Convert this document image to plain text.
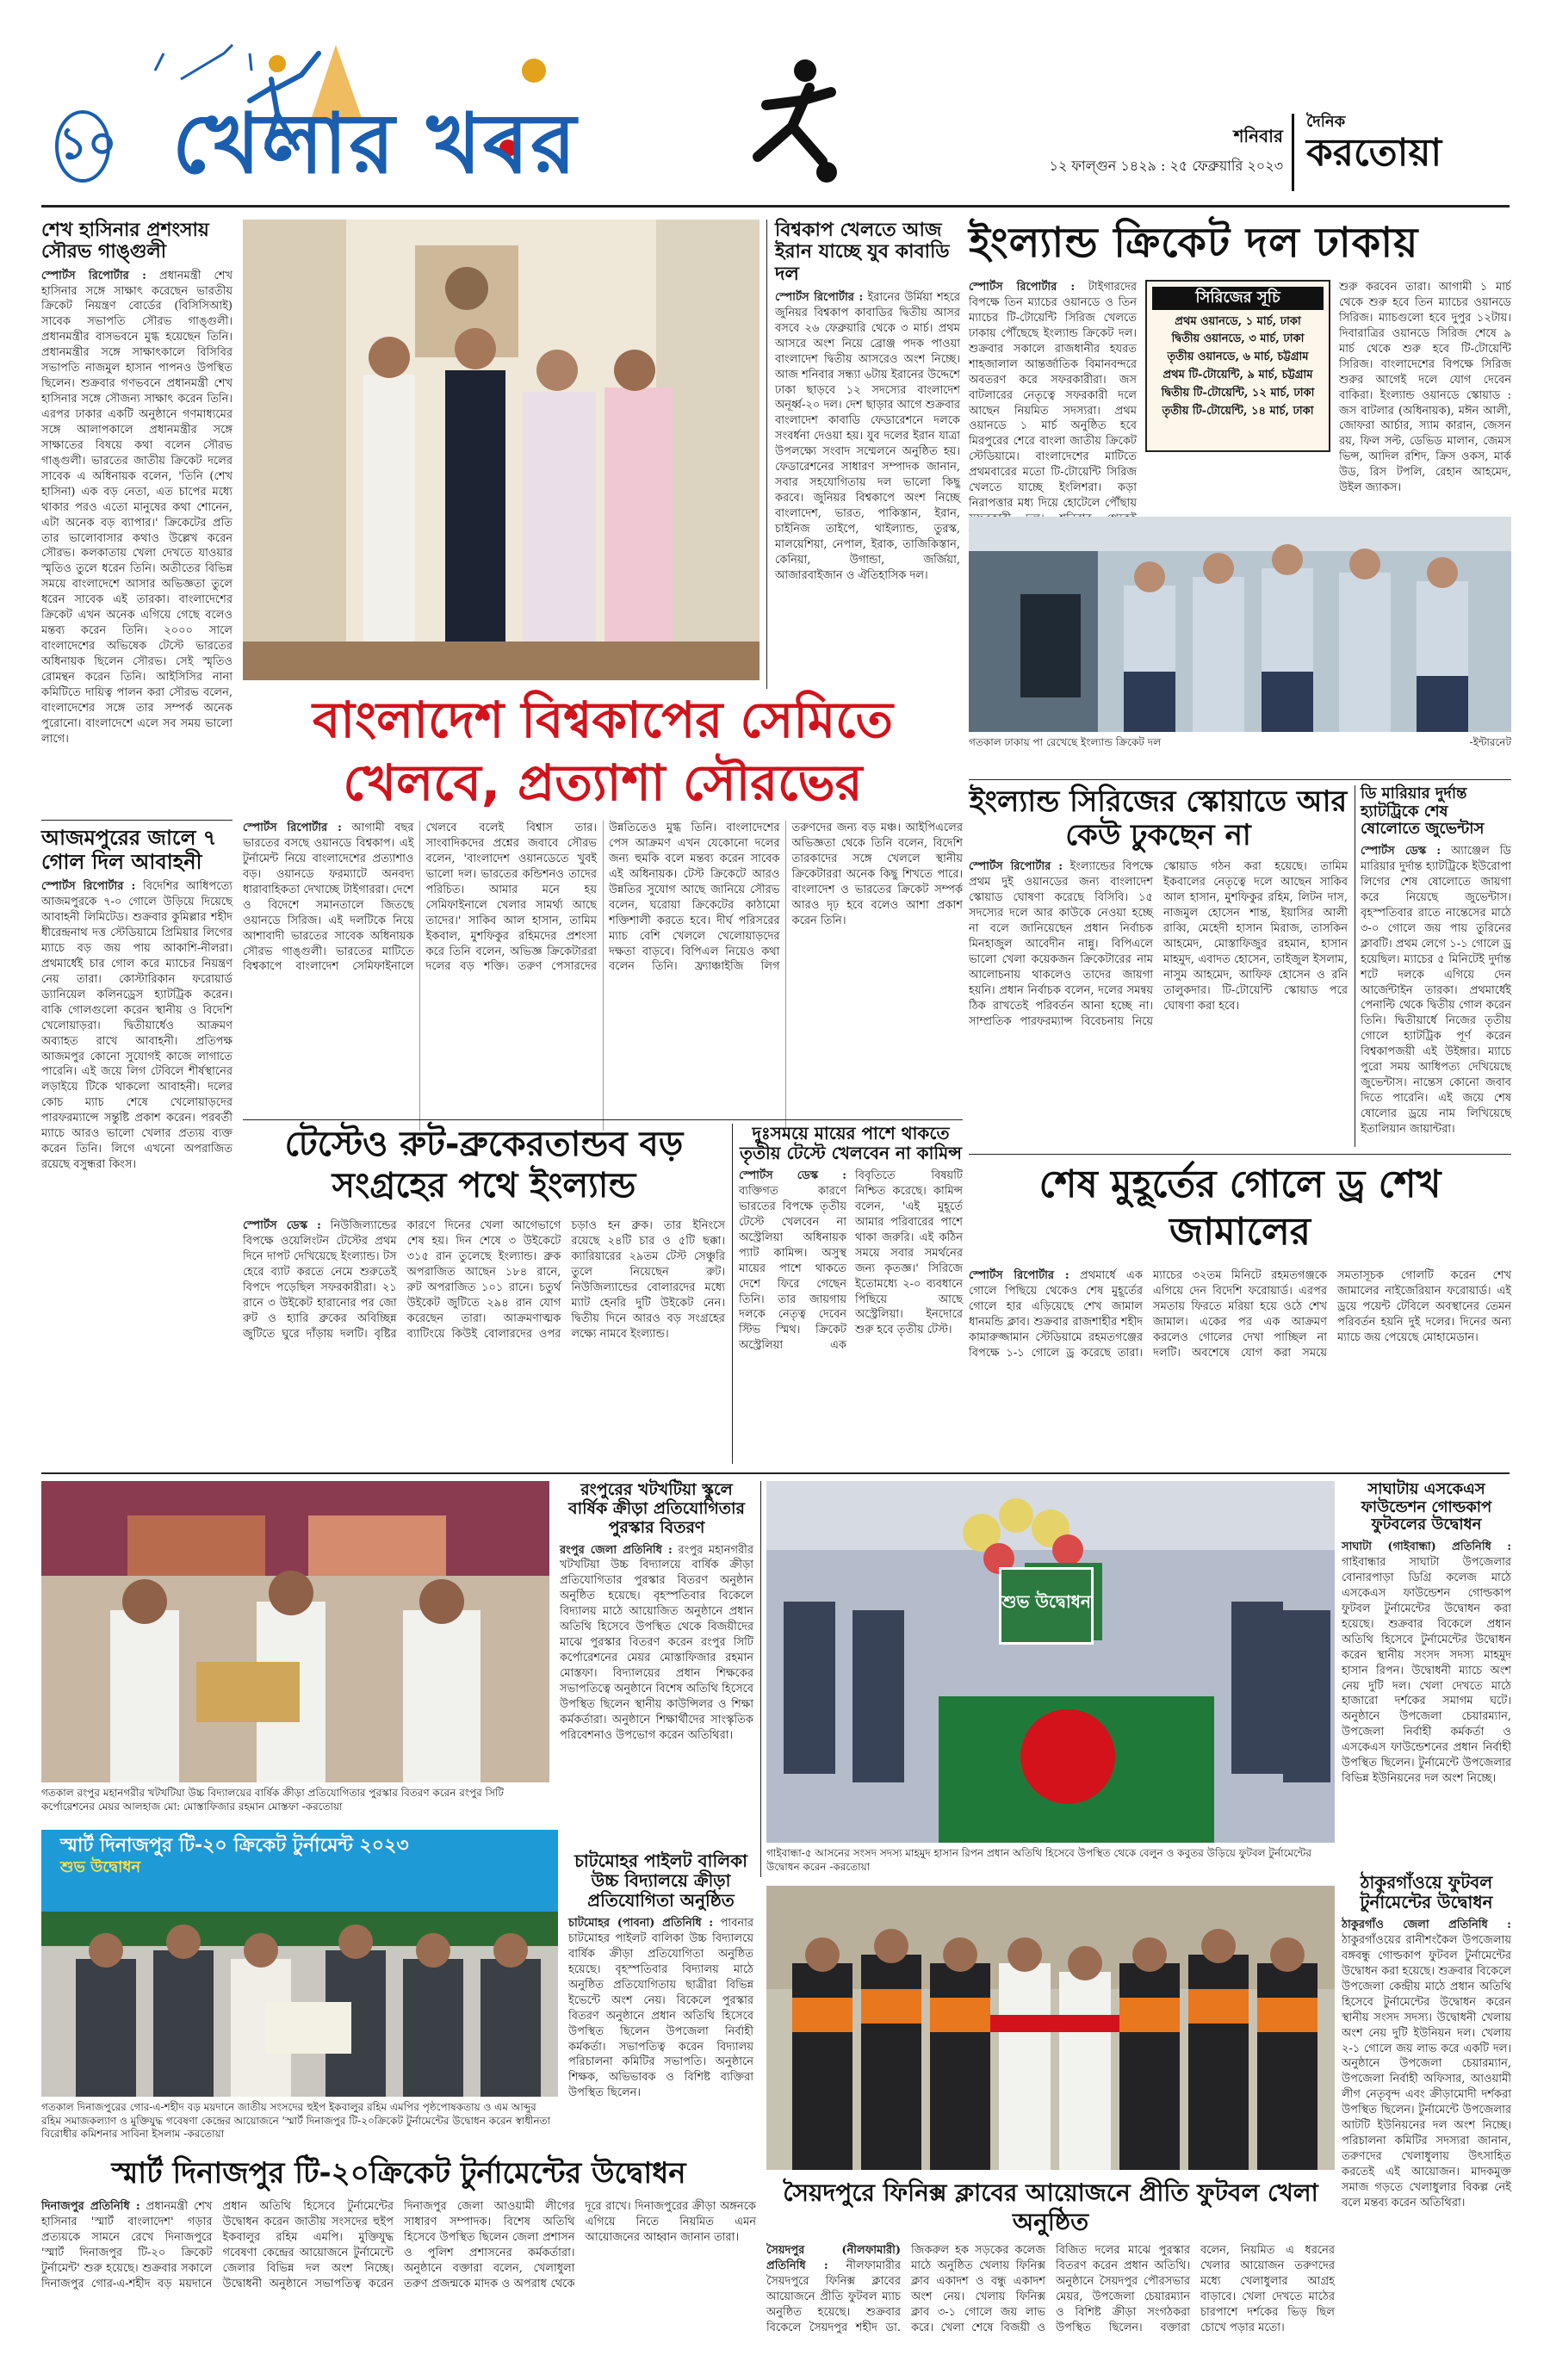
১০ খেলার খবর	শনিবার
১২ ফাল্গুন ১৪২৯ : ২৫ ফেব্রুয়ারি ২০২৩
দৈনিক
করতোয়া
শেখ হাসিনার প্রশংসায় সৌরভ গাঙ্গুলী
স্পোর্টস রিপোর্টার : প্রধানমন্ত্রী শেখ হাসিনার সঙ্গে সাক্ষাৎ করেছেন ভারতীয় ক্রিকেট নিয়ন্ত্রণ বোর্ডের (বিসিসিআই) সাবেক সভাপতি সৌরভ গাঙ্গুলী। প্রধানমন্ত্রীর বাসভবনে মুগ্ধ হয়েছেন তিনি। প্রধানমন্ত্রীর সঙ্গে সাক্ষাৎকালে বিসিবির সভাপতি নাজমুল হাসান পাপনও উপস্থিত ছিলেন। শুক্রবার গণভবনে প্রধানমন্ত্রী শেখ হাসিনার সঙ্গে সৌজন্য সাক্ষাৎ করেন তিনি। এরপর ঢাকার একটি অনুষ্ঠানে গণমাধ্যমের সঙ্গে আলাপকালে প্রধানমন্ত্রীর সঙ্গে সাক্ষাতের বিষয়ে কথা বলেন সৌরভ গাঙ্গুলী। ভারতের জাতীয় ক্রিকেট দলের সাবেক এ অধিনায়ক বলেন, 'তিনি (শেখ হাসিনা) এক বড় নেতা, এত চাপের মধ্যে থাকার পরও এতো মানুষের কথা শোনেন, এটা অনেক বড় ব্যাপার।' ক্রিকেটের প্রতি তার ভালোবাসার কথাও উল্লেখ করেন সৌরভ। কলকাতায় খেলা দেখতে যাওয়ার স্মৃতিও তুলে ধরেন তিনি। অতীতের বিভিন্ন সময়ে বাংলাদেশে আসার অভিজ্ঞতা তুলে ধরেন সাবেক এই তারকা। বাংলাদেশের ক্রিকেট এখন অনেক এগিয়ে গেছে বলেও মন্তব্য করেন তিনি। ২০০০ সালে বাংলাদেশের অভিষেক টেস্টে ভারতের অধিনায়ক ছিলেন সৌরভ। সেই স্মৃতিও রোমন্থন করেন তিনি। আইসিসির নানা কমিটিতে দায়িত্ব পালন করা সৌরভ বলেন, বাংলাদেশের সঙ্গে তার সম্পর্ক অনেক পুরোনো। বাংলাদেশে এলে সব সময় ভালো লাগে।
আজমপুরের জালে ৭ গোল দিল আবাহনী
স্পোর্টস রিপোর্টার : বিদেশির আধিপত্যে আজমপুরকে ৭-০ গোলে উড়িয়ে দিয়েছে আবাহনী লিমিটেড। শুক্রবার কুমিল্লার শহীদ ধীরেন্দ্রনাথ দত্ত স্টেডিয়ামে প্রিমিয়ার লিগের ম্যাচে বড় জয় পায় আকাশি-নীলরা। প্রথমার্ধেই চার গোল করে ম্যাচের নিয়ন্ত্রণ নেয় তারা। কোস্টারিকান ফরোয়ার্ড ড্যানিয়েল কলিনড্রেস হ্যাটট্রিক করেন। বাকি গোলগুলো করেন স্থানীয় ও বিদেশি খেলোয়াড়রা। দ্বিতীয়ার্ধেও আক্রমণ অব্যাহত রাখে আবাহনী। প্রতিপক্ষ আজমপুর কোনো সুযোগই কাজে লাগাতে পারেনি। এই জয়ে লিগ টেবিলে শীর্ষস্থানের লড়াইয়ে টিকে থাকলো আবাহনী। দলের কোচ ম্যাচ শেষে খেলোয়াড়দের পারফরম্যান্সে সন্তুষ্টি প্রকাশ করেন। পরবর্তী ম্যাচে আরও ভালো খেলার প্রত্যয় ব্যক্ত করেন তিনি। লিগে এখনো অপরাজিত রয়েছে বসুন্ধরা কিংস।
বিশ্বকাপ খেলতে আজ ইরান যাচ্ছে যুব কাবাডি দল
স্পোর্টস রিপোর্টার : ইরানের উর্মিয়া শহরে জুনিয়র বিশ্বকাপ কাবাডির দ্বিতীয় আসর বসবে ২৬ ফেব্রুয়ারি থেকে ৩ মার্চ। প্রথম আসরে অংশ নিয়ে ব্রোঞ্জ পদক পাওয়া বাংলাদেশ দ্বিতীয় আসরেও অংশ নিচ্ছে। আজ শনিবার সন্ধ্যা ৬টায় ইরানের উদ্দেশে ঢাকা ছাড়বে ১২ সদস্যের বাংলাদেশ অনূর্ধ্ব-২০ দল। দেশ ছাড়ার আগে শুক্রবার বাংলাদেশ কাবাডি ফেডারেশনে দলকে সংবর্ধনা দেওয়া হয়। যুব দলের ইরান যাত্রা উপলক্ষ্যে সংবাদ সম্মেলনে অনুষ্ঠিত হয়। ফেডারেশনের সাধারণ সম্পাদক জানান, সবার সহযোগিতায় দল ভালো কিছু করবে। জুনিয়র বিশ্বকাপে অংশ নিচ্ছে বাংলাদেশ, ভারত, পাকিস্তান, ইরান, চাইনিজ তাইপে, থাইল্যান্ড, তুরস্ক, মালয়েশিয়া, নেপাল, ইরাক, তাজিকিস্তান, কেনিয়া, উগান্ডা, জর্জিয়া, আজারবাইজান ও ঐতিহাসিক দল।
ইংল্যান্ড ক্রিকেট দল ঢাকায়
স্পোর্টস রিপোর্টার : টাইগারদের বিপক্ষে তিন ম্যাচের ওয়ানডে ও তিন ম্যাচের টি-টোয়েন্টি সিরিজ খেলতে ঢাকায় পৌঁছেছে ইংল্যান্ড ক্রিকেট দল। শুক্রবার সকালে রাজধানীর হযরত শাহজালাল আন্তর্জাতিক বিমানবন্দরে অবতরণ করে সফরকারীরা। জস বাটলারের নেতৃত্বে সফরকারী দলে আছেন নিয়মিত সদস্যরা। প্রথম ওয়ানডে ১ মার্চ অনুষ্ঠিত হবে মিরপুরের শেরে বাংলা জাতীয় ক্রিকেট স্টেডিয়ামে। বাংলাদেশের মাটিতে প্রথমবারের মতো টি-টোয়েন্টি সিরিজ খেলতে যাচ্ছে ইংলিশরা। কড়া নিরাপত্তার মধ্য দিয়ে হোটেলে পৌঁছায়
সিরিজের সূচি
প্রথম ওয়ানডে, ১ মার্চ, ঢাকা
দ্বিতীয় ওয়ানডে, ৩ মার্চ, ঢাকা
তৃতীয় ওয়ানডে, ৬ মার্চ, চট্টগ্রাম
প্রথম টি-টোয়েন্টি, ৯ মার্চ, চট্টগ্রাম
দ্বিতীয় টি-টোয়েন্টি, ১২ মার্চ, ঢাকা
তৃতীয় টি-টোয়েন্টি, ১৪ মার্চ, ঢাকা
শুরু করবেন তারা। আগামী ১ মার্চ থেকে শুরু হবে তিন ম্যাচের ওয়ানডে সিরিজ। ম্যাচগুলো হবে দুপুর ১২টায়। দিবারাত্রির ওয়ানডে সিরিজ শেষে ৯ মার্চ থেকে শুরু হবে টি-টোয়েন্টি সিরিজ। বাংলাদেশের বিপক্ষে সিরিজ শুরুর আগেই দলে যোগ দেবেন বাকিরা। ইংল্যান্ড ওয়ানডে স্কোয়াড : জস বাটলার (অধিনায়ক), মঈন আলী, জোফরা আর্চার, স্যাম কারান, জেসন রয়, ফিল সল্ট, ডেভিড মালান, জেমস ভিন্স, আদিল রশিদ, ক্রিস ওকস, মার্ক উড, রিস টপলি, রেহান আহমেদ, উইল জ্যাকস।
গতকাল ঢাকায় পা রেখেছে ইংল্যান্ড ক্রিকেট দল	-ইন্টারনেট
বাংলাদেশ বিশ্বকাপের সেমিতে খেলবে, প্রত্যাশা সৌরভের
স্পোর্টস রিপোর্টার : আগামী বছর ভারতের বসছে ওয়ানডে বিশ্বকাপ। এই টুর্নামেন্ট নিয়ে বাংলাদেশের প্রত্যাশাও বড়। ওয়ানডে ফরম্যাটে অনবদ্য ধারাবাহিকতা দেখাচ্ছে টাইগাররা। দেশে ও বিদেশে সমানতালে জিতছে ওয়ানডে সিরিজ। এই দলটিকে নিয়ে আশাবাদী ভারতের সাবেক অধিনায়ক সৌরভ গাঙ্গুলী। ভারতের মাটিতে বিশ্বকাপে বাংলাদেশ সেমিফাইনালে খেলবে বলেই বিশ্বাস তার। সাংবাদিকদের প্রশ্নের জবাবে সৌরভ বলেন, 'বাংলাদেশ ওয়ানডেতে খুবই ভালো দল। ভারতের কন্ডিশনও তাদের পরিচিত। আমার মনে হয় সেমিফাইনালে খেলার সামর্থ্য আছে তাদের।' সাকিব আল হাসান, তামিম ইকবাল, মুশফিকুর রহিমদের প্রশংসা করে তিনি বলেন, অভিজ্ঞ ক্রিকেটাররা দলের বড় শক্তি। তরুণ পেসারদের উন্নতিতেও মুগ্ধ তিনি। বাংলাদেশের পেস আক্রমণ এখন যেকোনো দলের জন্য হুমকি বলে মন্তব্য করেন সাবেক এই অধিনায়ক। টেস্ট ক্রিকেটে আরও উন্নতির সুযোগ আছে জানিয়ে সৌরভ বলেন, ঘরোয়া ক্রিকেটের কাঠামো শক্তিশালী করতে হবে। দীর্ঘ পরিসরের ম্যাচ বেশি খেললে খেলোয়াড়দের দক্ষতা বাড়বে। বিপিএল নিয়েও কথা বলেন তিনি। ফ্র্যাঞ্চাইজি লিগ তরুণদের জন্য বড় মঞ্চ। আইপিএলের অভিজ্ঞতা থেকে তিনি বলেন, বিদেশি তারকাদের সঙ্গে খেললে স্থানীয় ক্রিকেটাররা অনেক কিছু শিখতে পারে। বাংলাদেশ ও ভারতের ক্রিকেট সম্পর্ক আরও দৃঢ় হবে বলেও আশা প্রকাশ করেন তিনি।
ইংল্যান্ড সিরিজের স্কোয়াডে আর কেউ ঢুকছেন না
স্পোর্টস রিপোর্টার : ইংল্যান্ডের বিপক্ষে প্রথম দুই ওয়ানডের জন্য বাংলাদেশ স্কোয়াড ঘোষণা করেছে বিসিবি। ১৫ সদস্যের দলে আর কাউকে নেওয়া হচ্ছে না বলে জানিয়েছেন প্রধান নির্বাচক মিনহাজুল আবেদীন নান্নু। বিপিএলে ভালো খেলা কয়েকজন ক্রিকেটারের নাম আলোচনায় থাকলেও তাদের জায়গা হয়নি। প্রধান নির্বাচক বলেন, দলের সমন্বয় ঠিক রাখতেই পরিবর্তন আনা হচ্ছে না। সাম্প্রতিক পারফরম্যান্স বিবেচনায় নিয়ে স্কোয়াড গঠন করা হয়েছে। তামিম ইকবালের নেতৃত্বে দলে আছেন সাকিব আল হাসান, মুশফিকুর রহিম, লিটন দাস, নাজমুল হোসেন শান্ত, ইয়াসির আলী রাব্বি, মেহেদী হাসান মিরাজ, তাসকিন আহমেদ, মোস্তাফিজুর রহমান, হাসান মাহমুদ, এবাদত হোসেন, তাইজুল ইসলাম, নাসুম আহমেদ, আফিফ হোসেন ও রনি তালুকদার। টি-টোয়েন্টি স্কোয়াড পরে ঘোষণা করা হবে।
ডি মারিয়ার দুর্দান্ত হ্যাটট্রিকে শেষ ষোলোতে জুভেন্টাস
স্পোর্টস ডেস্ক : অ্যাঞ্জেল ডি মারিয়ার দুর্দান্ত হ্যাটট্রিকে ইউরোপা লিগের শেষ ষোলোতে জায়গা করে নিয়েছে জুভেন্টাস। বৃহস্পতিবার রাতে নান্তেসের মাঠে ৩-০ গোলে জয় পায় তুরিনের ক্লাবটি। প্রথম লেগে ১-১ গোলে ড্র হয়েছিল। ম্যাচের ৫ মিনিটেই দুর্দান্ত শটে দলকে এগিয়ে দেন আর্জেন্টাইন তারকা। প্রথমার্ধেই পেনাল্টি থেকে দ্বিতীয় গোল করেন তিনি। দ্বিতীয়ার্ধে নিজের তৃতীয় গোলে হ্যাটট্রিক পূর্ণ করেন বিশ্বকাপজয়ী এই উইঙ্গার। ম্যাচে পুরো সময় আধিপত্য দেখিয়েছে জুভেন্টাস। নান্তেস কোনো জবাব দিতে পারেনি। এই জয়ে শেষ ষোলোর ড্রয়ে নাম লিখিয়েছে ইতালিয়ান জায়ান্টরা।
টেস্টেও রুট-ব্রুকেরতান্ডব বড় সংগ্রহের পথে ইংল্যান্ড
স্পোর্টস ডেস্ক : নিউজিল্যান্ডের বিপক্ষে ওয়েলিংটন টেস্টের প্রথম দিনে দাপট দেখিয়েছে ইংল্যান্ড। টস হেরে ব্যাট করতে নেমে শুরুতেই বিপদে পড়েছিল সফরকারীরা। ২১ রানে ৩ উইকেট হারানোর পর জো রুট ও হ্যারি ব্রুকের অবিচ্ছিন্ন জুটিতে ঘুরে দাঁড়ায় দলটি। বৃষ্টির কারণে দিনের খেলা আগেভাগে শেষ হয়। দিন শেষে ৩ উইকেটে ৩১৫ রান তুলেছে ইংল্যান্ড। ব্রুক অপরাজিত আছেন ১৮৪ রানে, রুট অপরাজিত ১০১ রানে। চতুর্থ উইকেট জুটিতে ২৯৪ রান যোগ করেছেন তারা। আক্রমণাত্মক ব্যাটিংয়ে কিউই বোলারদের ওপর চড়াও হন ব্রুক। তার ইনিংসে রয়েছে ২৪টি চার ও ৫টি ছক্কা। ক্যারিয়ারের ২৯তম টেস্ট সেঞ্চুরি তুলে নিয়েছেন রুট। নিউজিল্যান্ডের বোলারদের মধ্যে ম্যাট হেনরি দুটি উইকেট নেন। দ্বিতীয় দিনে আরও বড় সংগ্রহের লক্ষ্যে নামবে ইংল্যান্ড।
দুঃসময়ে মায়ের পাশে থাকতে তৃতীয় টেস্টে খেলবেন না কামিন্স
স্পোর্টস ডেস্ক : ব্যক্তিগত কারণে ভারতের বিপক্ষে তৃতীয় টেস্টে খেলবেন না অস্ট্রেলিয়া অধিনায়ক প্যাট কামিন্স। অসুস্থ মায়ের পাশে থাকতে দেশে ফিরে গেছেন তিনি। তার জায়গায় দলকে নেতৃত্ব দেবেন স্টিভ স্মিথ। ক্রিকেট অস্ট্রেলিয়া এক বিবৃতিতে বিষয়টি নিশ্চিত করেছে। কামিন্স বলেন, 'এই মুহূর্তে আমার পরিবারের পাশে থাকা জরুরি। এই কঠিন সময়ে সবার সমর্থনের জন্য কৃতজ্ঞ।' সিরিজে ইতোমধ্যে ২-০ ব্যবধানে পিছিয়ে আছে অস্ট্রেলিয়া। ইনদোরে শুরু হবে তৃতীয় টেস্ট।
শেষ মুহূর্তের গোলে ড্র শেখ জামালের
স্পোর্টস রিপোর্টার : প্রথমার্ধে এক গোলে পিছিয়ে থেকেও শেষ মুহূর্তের গোলে হার এড়িয়েছে শেখ জামাল ধানমন্ডি ক্লাব। শুক্রবার রাজশাহীর শহীদ কামারুজ্জামান স্টেডিয়ামে রহমতগঞ্জের বিপক্ষে ১-১ গোলে ড্র করেছে তারা। ম্যাচের ৩২তম মিনিটে রহমতগঞ্জকে এগিয়ে দেন বিদেশি ফরোয়ার্ড। এরপর সমতায় ফিরতে মরিয়া হয়ে ওঠে শেখ জামাল। একের পর এক আক্রমণ করলেও গোলের দেখা পাচ্ছিল না দলটি। অবশেষে যোগ করা সময়ে সমতাসূচক গোলটি করেন শেখ জামালের নাইজেরিয়ান ফরোয়ার্ড। এই ড্রয়ে পয়েন্ট টেবিলে অবস্থানের তেমন পরিবর্তন হয়নি দুই দলের। দিনের অন্য ম্যাচে জয় পেয়েছে মোহামেডান।
গতকাল রংপুর মহানগরীর খটখটিয়া উচ্চ বিদ্যালয়ের বার্ষিক ক্রীড়া প্রতিযোগিতার পুরস্কার বিতরণ করেন রংপুর সিটি কর্পোরেশনের মেয়র আলহাজ মো: মোস্তাফিজার রহমান মোস্তফা -করতোয়া
রংপুরের খটখটিয়া স্কুলে বার্ষিক ক্রীড়া প্রতিযোগিতার পুরস্কার বিতরণ
রংপুর জেলা প্রতিনিধি : রংপুর মহানগরীর খটখটিয়া উচ্চ বিদ্যালয়ে বার্ষিক ক্রীড়া প্রতিযোগিতার পুরস্কার বিতরণ অনুষ্ঠান অনুষ্ঠিত হয়েছে। বৃহস্পতিবার বিকেলে বিদ্যালয় মাঠে আয়োজিত অনুষ্ঠানে প্রধান অতিথি হিসেবে উপস্থিত থেকে বিজয়ীদের মাঝে পুরস্কার বিতরণ করেন রংপুর সিটি কর্পোরেশনের মেয়র মোস্তাফিজার রহমান মোস্তফা। বিদ্যালয়ের প্রধান শিক্ষকের সভাপতিত্বে অনুষ্ঠানে বিশেষ অতিথি হিসেবে উপস্থিত ছিলেন স্থানীয় কাউন্সিলর ও শিক্ষা কর্মকর্তারা। অনুষ্ঠানে শিক্ষার্থীদের সাংস্কৃতিক পরিবেশনাও উপভোগ করেন অতিথিরা।
শুভ উদ্বোধন
গাইবান্ধা-৫ আসনের সংসদ সদস্য মাহমুদ হাসান রিপন প্রধান অতিথি হিসেবে উপস্থিত থেকে বেলুন ও কবুতর উড়িয়ে ফুটবল টুর্নামেন্টের উদ্বোধন করেন -করতোয়া
সাঘাটায় এসকেএস ফাউন্ডেশন গোল্ডকাপ ফুটবলের উদ্বোধন
সাঘাটা (গাইবান্ধা) প্রতিনিধি : গাইবান্ধার সাঘাটা উপজেলার বোনারপাড়া ডিগ্রি কলেজ মাঠে এসকেএস ফাউন্ডেশন গোল্ডকাপ ফুটবল টুর্নামেন্টের উদ্বোধন করা হয়েছে। শুক্রবার বিকেলে প্রধান অতিথি হিসেবে টুর্নামেন্টের উদ্বোধন করেন স্থানীয় সংসদ সদস্য মাহমুদ হাসান রিপন। উদ্বোধনী ম্যাচে অংশ নেয় দুটি দল। খেলা দেখতে মাঠে হাজারো দর্শকের সমাগম ঘটে। অনুষ্ঠানে উপজেলা চেয়ারম্যান, উপজেলা নির্বাহী কর্মকর্তা ও এসকেএস ফাউন্ডেশনের প্রধান নির্বাহী উপস্থিত ছিলেন। টুর্নামেন্টে উপজেলার বিভিন্ন ইউনিয়নের দল অংশ নিচ্ছে।
স্মার্ট দিনাজপুর টি-২০ ক্রিকেট টুর্নামেন্ট ২০২৩
শুভ উদ্বোধন
গতকাল দিনাজপুরের গোর-এ-শহীদ বড় ময়দানে জাতীয় সংসদের হুইপ ইকবালুর রহিম এমপির পৃষ্ঠপোষকতায় ও এম আব্দুর রহিম সমাজকল্যাণ ও মুক্তিযুদ্ধ গবেষণা কেন্দ্রের আয়োজনে 'স্মার্ট দিনাজপুর টি-২০ক্রিকেট টুর্নামেন্টের উদ্বোধন করেন স্বাধীনতা বিরোধীর কমিশনার সাবিনা ইসলাম -করতোয়া
চাটমোহর পাইলট বালিকা উচ্চ বিদ্যালয়ে ক্রীড়া প্রতিযোগিতা অনুষ্ঠিত
চাটমোহর (পাবনা) প্রতিনিধি : পাবনার চাটমোহর পাইলট বালিকা উচ্চ বিদ্যালয়ে বার্ষিক ক্রীড়া প্রতিযোগিতা অনুষ্ঠিত হয়েছে। বৃহস্পতিবার বিদ্যালয় মাঠে অনুষ্ঠিত প্রতিযোগিতায় ছাত্রীরা বিভিন্ন ইভেন্টে অংশ নেয়। বিকেলে পুরস্কার বিতরণ অনুষ্ঠানে প্রধান অতিথি হিসেবে উপস্থিত ছিলেন উপজেলা নির্বাহী কর্মকর্তা। সভাপতিত্ব করেন বিদ্যালয় পরিচালনা কমিটির সভাপতি। অনুষ্ঠানে শিক্ষক, অভিভাবক ও বিশিষ্ট ব্যক্তিরা উপস্থিত ছিলেন।
ঠাকুরগাঁওয়ে ফুটবল টুর্নামেন্টের উদ্বোধন
ঠাকুরগাঁও জেলা প্রতিনিধি : ঠাকুরগাঁওয়ের রানীশংকৈল উপজেলায় বঙ্গবন্ধু গোল্ডকাপ ফুটবল টুর্নামেন্টের উদ্বোধন করা হয়েছে। শুক্রবার বিকেলে উপজেলা কেন্দ্রীয় মাঠে প্রধান অতিথি হিসেবে টুর্নামেন্টের উদ্বোধন করেন স্থানীয় সংসদ সদস্য। উদ্বোধনী খেলায় অংশ নেয় দুটি ইউনিয়ন দল। খেলায় ২-১ গোলে জয় লাভ করে একটি দল। অনুষ্ঠানে উপজেলা চেয়ারম্যান, উপজেলা নির্বাহী অফিসার, আওয়ামী লীগ নেতৃবৃন্দ এবং ক্রীড়ামোদী দর্শকরা উপস্থিত ছিলেন। টুর্নামেন্টে উপজেলার আটটি ইউনিয়নের দল অংশ নিচ্ছে। পরিচালনা কমিটির সদস্যরা জানান, তরুণদের খেলাধুলায় উৎসাহিত করতেই এই আয়োজন। মাদকমুক্ত সমাজ গড়তে খেলাধুলার বিকল্প নেই বলে মন্তব্য করেন অতিথিরা।
স্মার্ট দিনাজপুর টি-২০ক্রিকেট টুর্নামেন্টের উদ্বোধন
দিনাজপুর প্রতিনিধি : প্রধানমন্ত্রী শেখ হাসিনার 'স্মার্ট বাংলাদেশ' গড়ার প্রত্যয়কে সামনে রেখে দিনাজপুরে 'স্মার্ট দিনাজপুর টি-২০ ক্রিকেট টুর্নামেন্ট' শুরু হয়েছে। শুক্রবার সকালে দিনাজপুর গোর-এ-শহীদ বড় ময়দানে প্রধান অতিথি হিসেবে টুর্নামেন্টের উদ্বোধন করেন জাতীয় সংসদের হুইপ ইকবালুর রহিম এমপি। মুক্তিযুদ্ধ গবেষণা কেন্দ্রের আয়োজনে টুর্নামেন্টে জেলার বিভিন্ন দল অংশ নিচ্ছে। উদ্বোধনী অনুষ্ঠানে সভাপতিত্ব করেন দিনাজপুর জেলা আওয়ামী লীগের সাধারণ সম্পাদক। বিশেষ অতিথি হিসেবে উপস্থিত ছিলেন জেলা প্রশাসন ও পুলিশ প্রশাসনের কর্মকর্তারা। অনুষ্ঠানে বক্তারা বলেন, খেলাধুলা তরুণ প্রজন্মকে মাদক ও অপরাধ থেকে দূরে রাখে। দিনাজপুরের ক্রীড়া অঙ্গনকে এগিয়ে নিতে নিয়মিত এমন আয়োজনের আহ্বান জানান তারা।
সৈয়দপুরে ফিনিক্স ক্লাবের আয়োজনে প্রীতি ফুটবল খেলা অনুষ্ঠিত
সৈয়দপুর (নীলফামারী) প্রতিনিধি : নীলফামারীর সৈয়দপুরে ফিনিক্স ক্লাবের আয়োজনে প্রীতি ফুটবল ম্যাচ অনুষ্ঠিত হয়েছে। শুক্রবার বিকেলে সৈয়দপুর শহীদ ডা. জিকরুল হক সড়কের কলেজ মাঠে অনুষ্ঠিত খেলায় ফিনিক্স ক্লাব একাদশ ও বন্ধু একাদশ অংশ নেয়। খেলায় ফিনিক্স ক্লাব ৩-১ গোলে জয় লাভ করে। খেলা শেষে বিজয়ী ও বিজিত দলের মাঝে পুরস্কার বিতরণ করেন প্রধান অতিথি। অনুষ্ঠানে সৈয়দপুর পৌরসভার মেয়র, উপজেলা চেয়ারম্যান ও বিশিষ্ট ক্রীড়া সংগঠকরা উপস্থিত ছিলেন। বক্তারা বলেন, নিয়মিত এ ধরনের খেলার আয়োজন তরুণদের মধ্যে খেলাধুলার আগ্রহ বাড়াবে। খেলা দেখতে মাঠের চারপাশে দর্শকের ভিড় ছিল চোখে পড়ার মতো।
